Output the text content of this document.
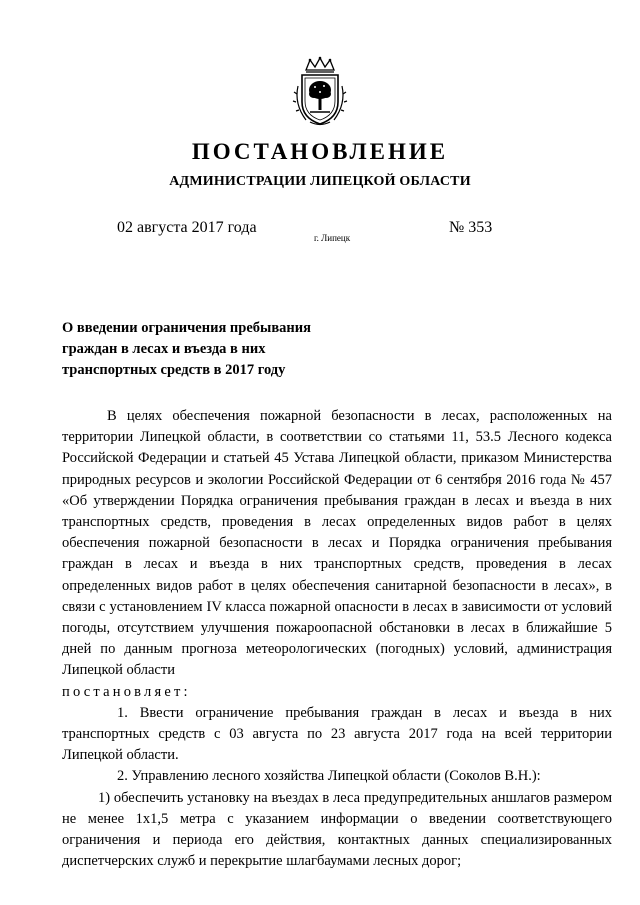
ПОСТАНОВЛЕНИЕ
АДМИНИСТРАЦИИ ЛИПЕЦКОЙ ОБЛАСТИ
02 августа 2017 года
г. Липецк
№ 353
О введении ограничения пребывания
граждан в лесах и въезда в них
транспортных средств в 2017 году

В целях обеспечения пожарной безопасности в лесах, расположенных на территории Липецкой области, в соответствии со статьями 11, 53.5 Лесного кодекса Российской Федерации и статьей 45 Устава Липецкой области, приказом Министерства природных ресурсов и экологии Российской Федерации от 6 сентября 2016 года № 457 «Об утверждении Порядка ограничения пребывания граждан в лесах и въезда в них транспортных средств, проведения в лесах определенных видов работ в целях обеспечения пожарной безопасности в лесах и Порядка ограничения пребывания граждан в лесах и въезда в них транспортных средств, проведения в лесах определенных видов работ в целях обеспечения санитарной безопасности в лесах», в связи с установлением IV класса пожарной опасности в лесах в зависимости от условий погоды, отсутствием улучшения пожароопасной обстановки в лесах в ближайшие 5 дней по данным прогноза метеорологических (погодных) условий, администрация Липецкой области

постановляет:

1. Ввести ограничение пребывания граждан в лесах и въезда в них транспортных средств с 03 августа по 23 августа 2017 года на всей территории Липецкой области.

2. Управлению лесного хозяйства Липецкой области (Соколов В.Н.):

1) обеспечить установку на въездах в леса предупредительных аншлагов размером не менее 1х1,5 метра с указанием информации о введении соответствующего ограничения и периода его действия, контактных данных специализированных диспетчерских служб и перекрытие шлагбаумами лесных дорог;
